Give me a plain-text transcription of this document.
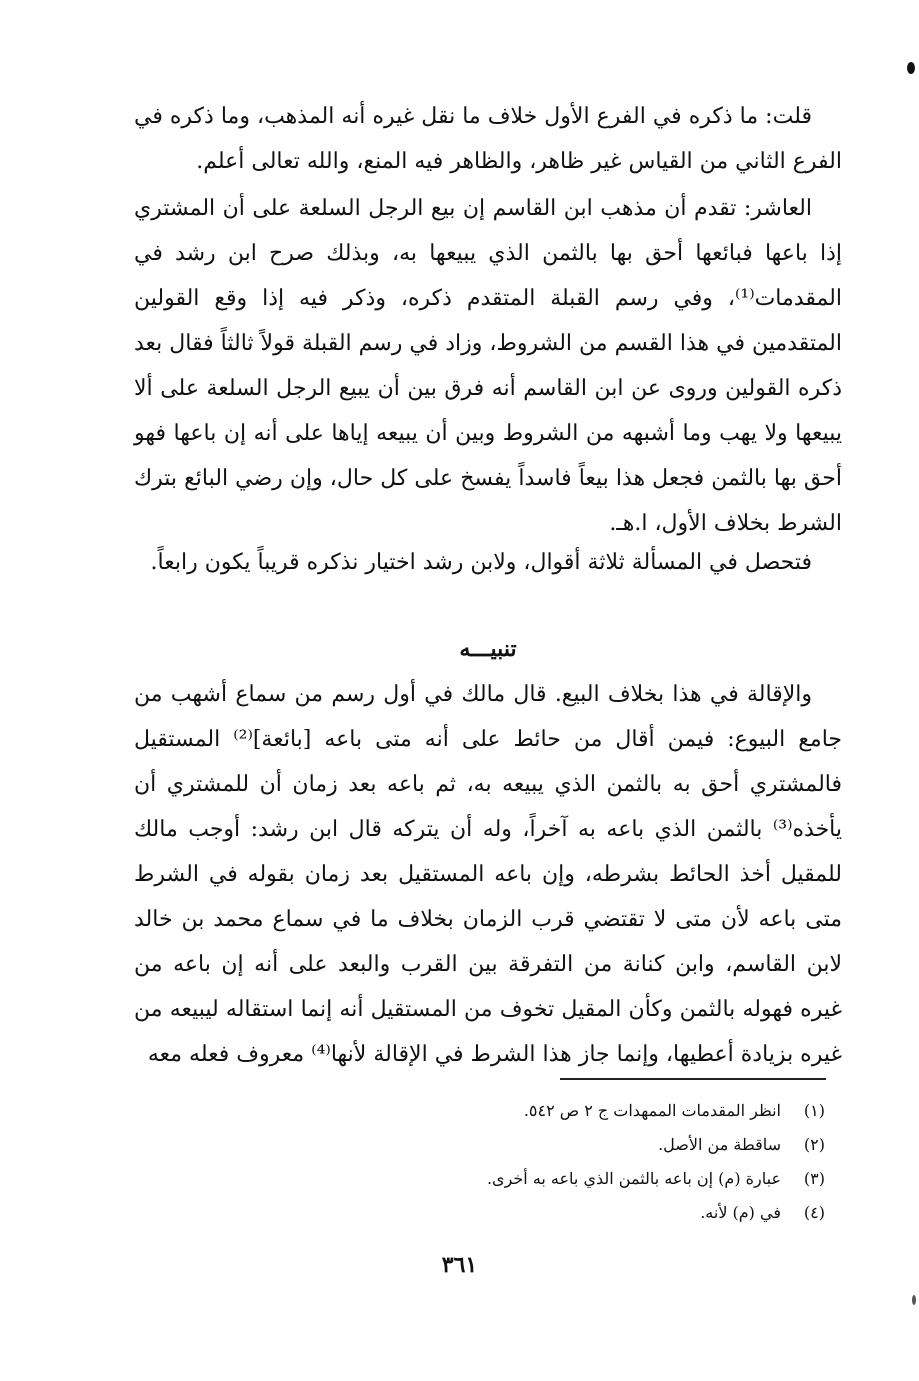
قلت: ما ذكره في الفرع الأول خلاف ما نقل غيره أنه المذهب، وما ذكره في الفرع الثاني من القياس غير ظاهر، والظاهر فيه المنع، والله تعالى أعلم.
العاشر: تقدم أن مذهب ابن القاسم إن بيع الرجل السلعة على أن المشتري إذا باعها فبائعها أحق بها بالثمن الذي يبيعها به، وبذلك صرح ابن رشد في المقدمات⁽¹⁾، وفي رسم القبلة المتقدم ذكره، وذكر فيه إذا وقع القولين المتقدمين في هذا القسم من الشروط، وزاد في رسم القبلة قولاً ثالثاً فقال بعد ذكره القولين وروى عن ابن القاسم أنه فرق بين أن يبيع الرجل السلعة على ألا يبيعها ولا يهب وما أشبهه من الشروط وبين أن يبيعه إياها على أنه إن باعها فهو أحق بها بالثمن فجعل هذا بيعاً فاسداً يفسخ على كل حال، وإن رضي البائع بترك الشرط بخلاف الأول، ا.هـ.
فتحصل في المسألة ثلاثة أقوال، ولابن رشد اختيار نذكره قريباً يكون رابعاً.
تنبيـــه
والإقالة في هذا بخلاف البيع. قال مالك في أول رسم من سماع أشهب من جامع البيوع: فيمن أقال من حائط على أنه متى باعه [بائعة]⁽²⁾ المستقيل فالمشتري أحق به بالثمن الذي يبيعه به، ثم باعه بعد زمان أن للمشتري أن يأخذه⁽³⁾ بالثمن الذي باعه به آخراً، وله أن يتركه قال ابن رشد: أوجب مالك للمقيل أخذ الحائط بشرطه، وإن باعه المستقيل بعد زمان بقوله في الشرط متى باعه لأن متى لا تقتضي قرب الزمان بخلاف ما في سماع محمد بن خالد لابن القاسم، وابن كنانة من التفرقة بين القرب والبعد على أنه إن باعه من غيره فهوله بالثمن وكأن المقيل تخوف من المستقيل أنه إنما استقاله ليبيعه من غيره بزيادة أعطيها، وإنما جاز هذا الشرط في الإقالة لأنها⁽⁴⁾ معروف فعله معه
(١)
انظر المقدمات الممهدات ج ٢ ص ٥٤٢.
(٢)
ساقطة من الأصل.
(٣)
عبارة (م) إن باعه بالثمن الذي باعه به أخرى.
(٤)
في (م) لأنه.
٣٦١
